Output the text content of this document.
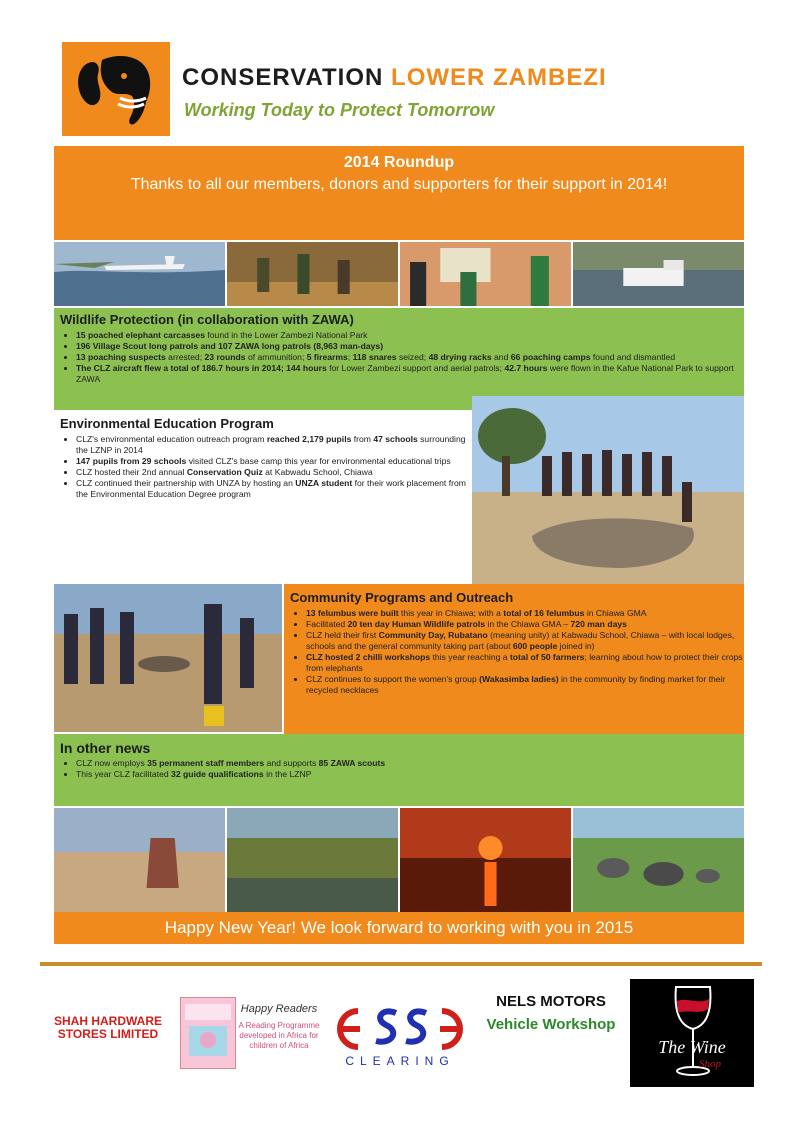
CONSERVATION LOWER ZAMBEZI
Working Today to Protect Tomorrow
2014 Roundup
Thanks to all our members, donors and supporters for their support in 2014!
Wildlife Protection (in collaboration with ZAWA)
• 15 poached elephant carcasses found in the Lower Zambezi National Park
• 196 Village Scout long patrols and 107 ZAWA long patrols (8,963 man-days)
• 13 poaching suspects arrested; 23 rounds of ammunition; 5 firearms; 118 snares seized; 48 drying racks and 66 poaching camps found and dismantled
• The CLZ aircraft flew a total of 186.7 hours in 2014; 144 hours for Lower Zambezi support and aerial patrols; 42.7 hours were flown in the Kafue National Park to support ZAWA
Environmental Education Program
• CLZ's environmental education outreach program reached 2,179 pupils from 47 schools surrounding the LZNP in 2014
• 147 pupils from 29 schools visited CLZ's base camp this year for environmental educational trips
• CLZ hosted their 2nd annual Conservation Quiz at Kabwadu School, Chiawa
• CLZ continued their partnership with UNZA by hosting an UNZA student for their work placement from the Environmental Education Degree program
Community Programs and Outreach
• 13 felumbus were built this year in Chiawa; with a total of 16 felumbus in Chiawa GMA
• Facilitated 20 ten day Human Wildlife patrols in the Chiawa GMA – 720 man days
• CLZ held their first Community Day, Rubatano (meaning unity) at Kabwadu School, Chiawa – with local lodges, schools and the general community taking part (about 600 people joined in)
• CLZ hosted 2 chilli workshops this year reaching a total of 50 farmers; learning about how to protect their crops from elephants
• CLZ continues to support the women's group (Wakasimba ladies) in the community by finding market for their recycled necklaces
In other news
• CLZ now employs 35 permanent staff members and supports 85 ZAWA scouts
• This year CLZ facilitated 32 guide qualifications in the LZNP
Happy New Year! We look forward to working with you in 2015
SHAH HARDWARE STORES LIMITED
Happy Readers
A Reading Programme developed in Africa for children of Africa
CLEARING
NELS MOTORS
Vehicle Workshop
The Wine
Shop
